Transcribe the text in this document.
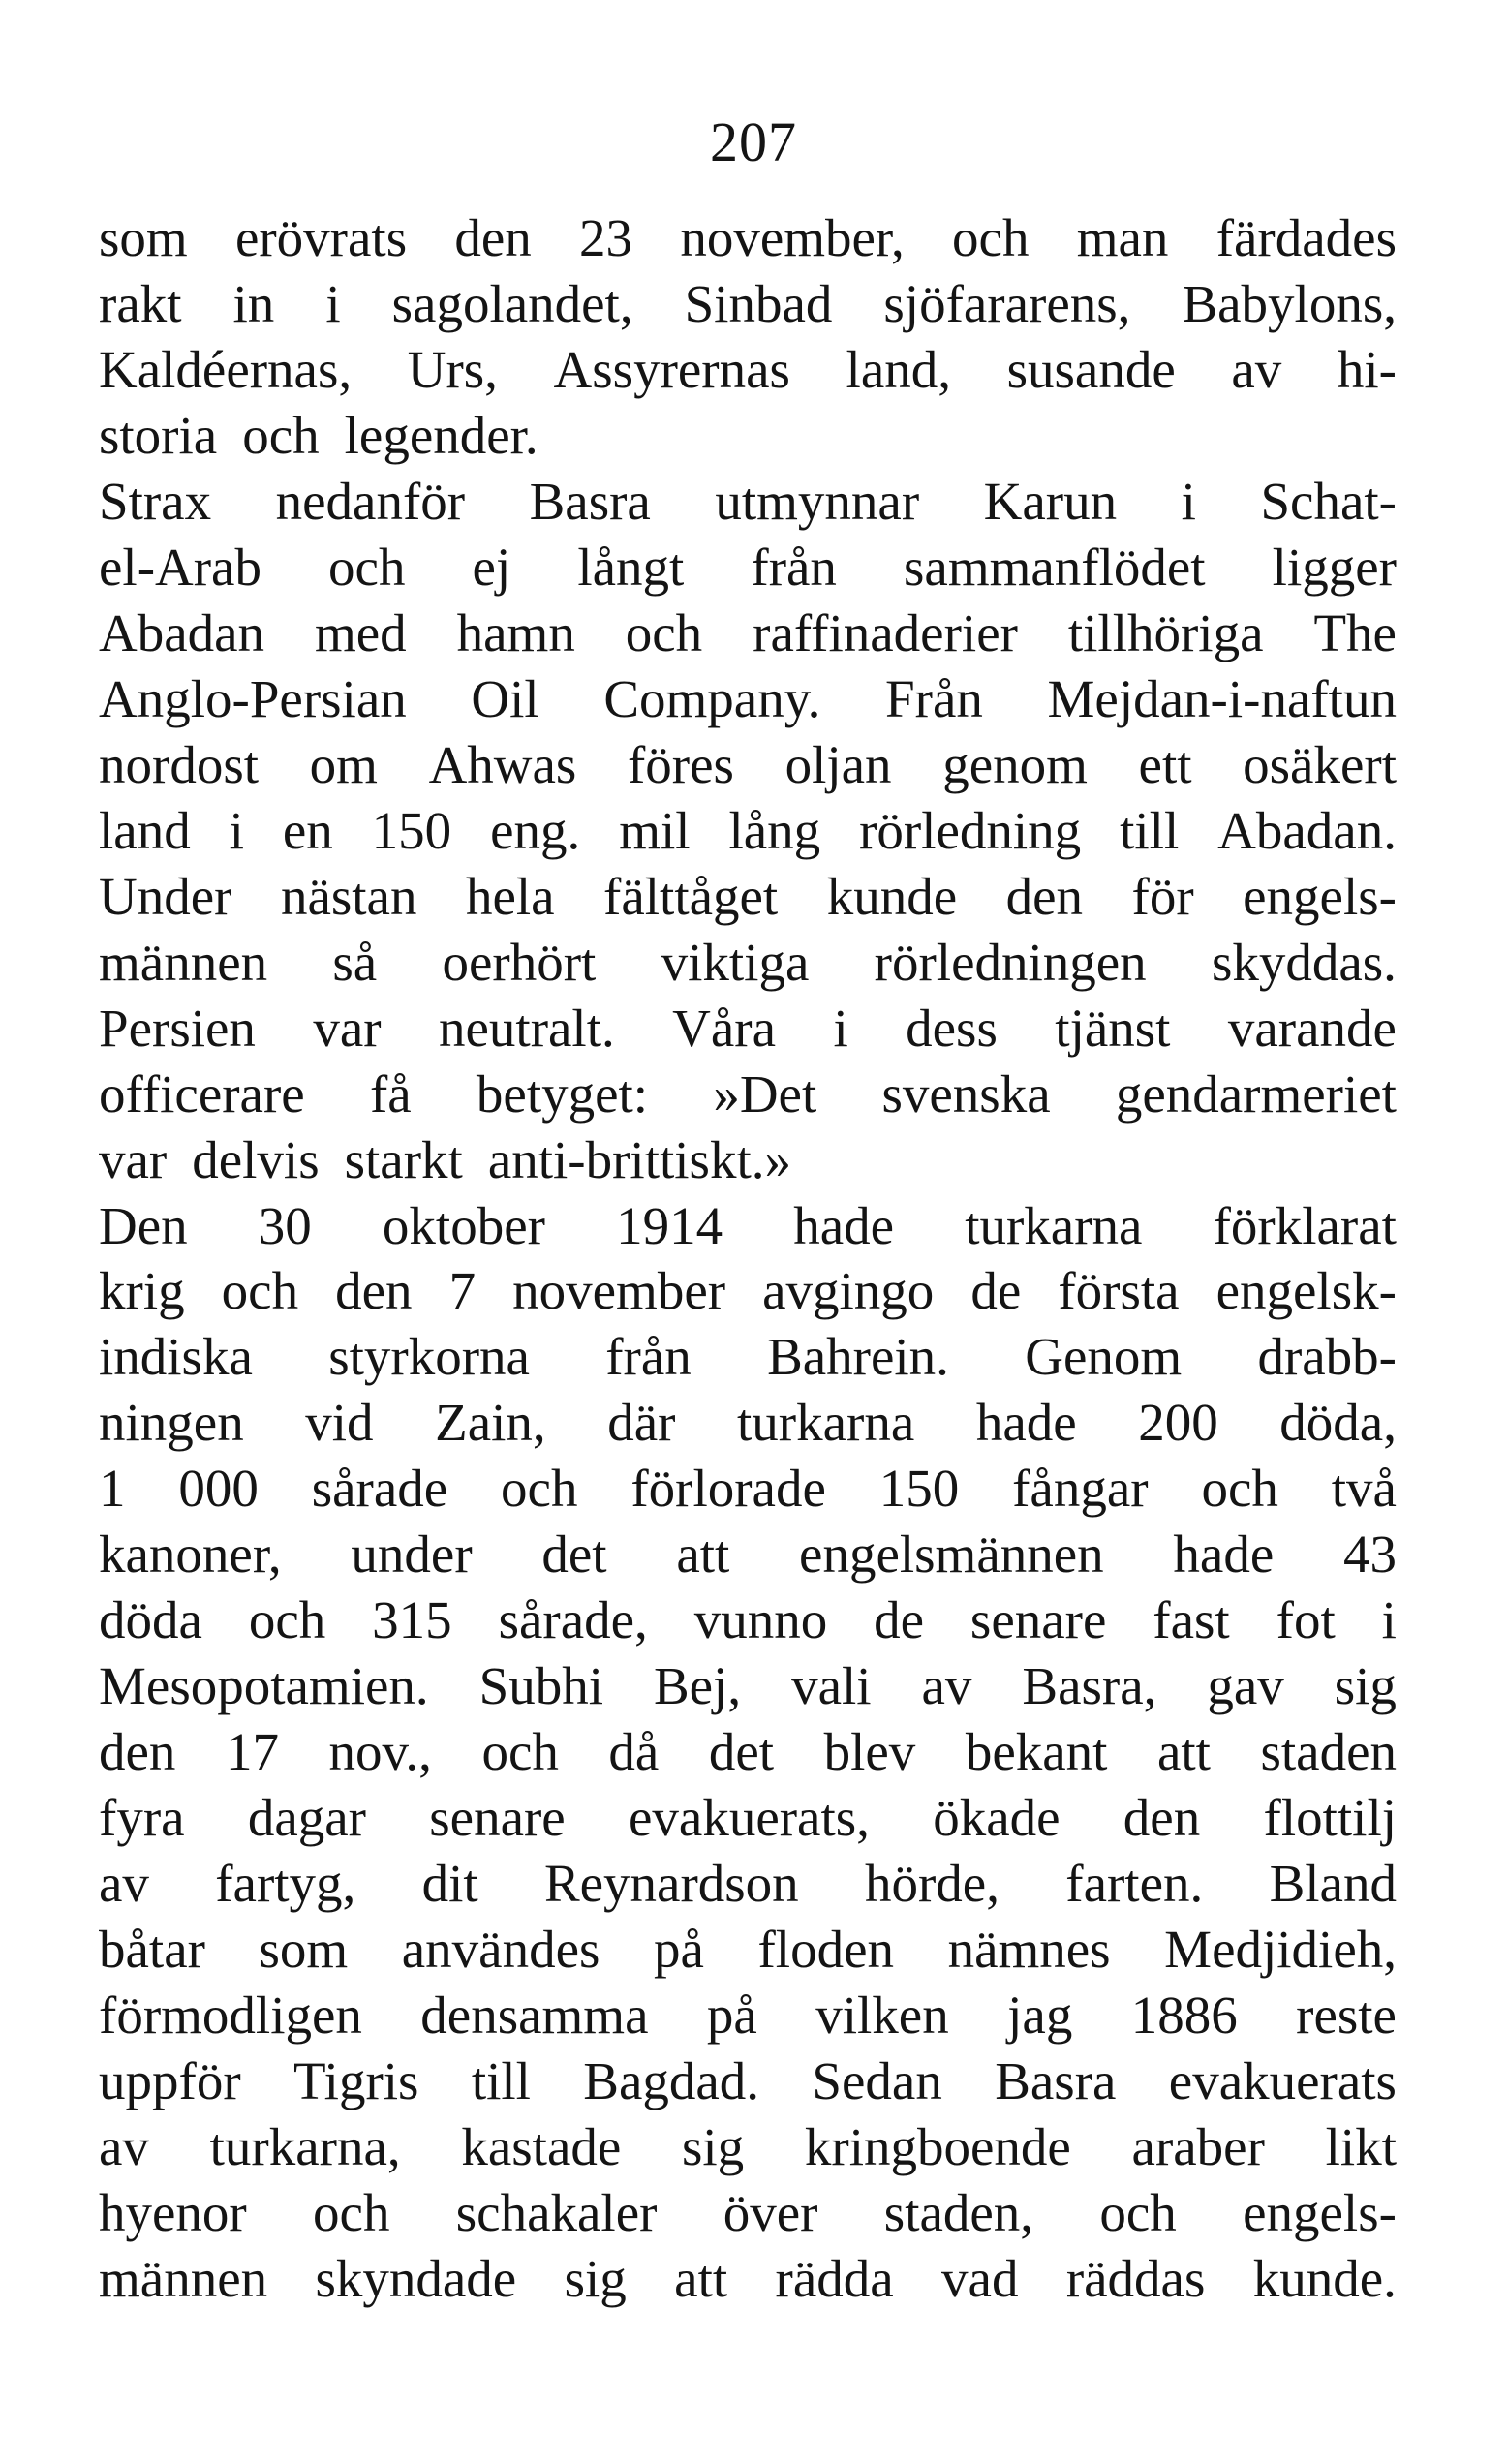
207
som erövrats den 23 november, och man färdades
rakt in i sagolandet, Sinbad sjöfararens, Babylons,
Kaldéernas, Urs, Assyrernas land, susande av hi-
storia och legender.
Strax nedanför Basra utmynnar Karun i Schat-
el-Arab och ej långt från sammanflödet ligger
Abadan med hamn och raffinaderier tillhöriga The
Anglo-Persian Oil Company. Från Mejdan-i-naftun
nordost om Ahwas föres oljan genom ett osäkert
land i en 150 eng. mil lång rörledning till Abadan.
Under nästan hela fälttåget kunde den för engels-
männen så oerhört viktiga rörledningen skyddas.
Persien var neutralt. Våra i dess tjänst varande
officerare få betyget: »Det svenska gendarmeriet
var delvis starkt anti-brittiskt.»
Den 30 oktober 1914 hade turkarna förklarat
krig och den 7 november avgingo de första engelsk-
indiska styrkorna från Bahrein. Genom drabb-
ningen vid Zain, där turkarna hade 200 döda,
1 000 sårade och förlorade 150 fångar och två
kanoner, under det att engelsmännen hade 43
döda och 315 sårade, vunno de senare fast fot i
Mesopotamien. Subhi Bej, vali av Basra, gav sig
den 17 nov., och då det blev bekant att staden
fyra dagar senare evakuerats, ökade den flottilj
av fartyg, dit Reynardson hörde, farten. Bland
båtar som användes på floden nämnes Medjidieh,
förmodligen densamma på vilken jag 1886 reste
uppför Tigris till Bagdad. Sedan Basra evakuerats
av turkarna, kastade sig kringboende araber likt
hyenor och schakaler över staden, och engels-
männen skyndade sig att rädda vad räddas kunde.
